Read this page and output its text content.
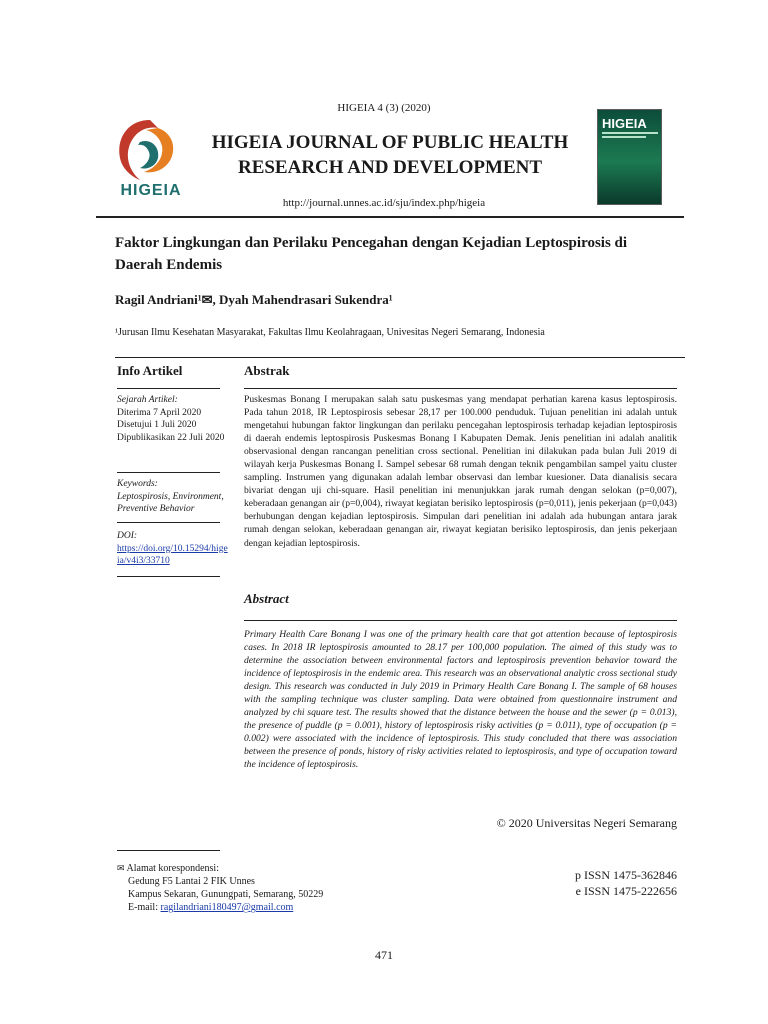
HIGEIA 4 (3) (2020)
HIGEIA
HIGEIA JOURNAL OF PUBLIC HEALTH RESEARCH AND DEVELOPMENT
HIGEIA
http://journal.unnes.ac.id/sju/index.php/higeia
Faktor Lingkungan dan Perilaku Pencegahan dengan Kejadian Leptospirosis di Daerah Endemis
Ragil Andriani¹✉, Dyah Mahendrasari Sukendra¹
¹Jurusan Ilmu Kesehatan Masyarakat, Fakultas Ilmu Keolahragaan, Univesitas Negeri Semarang, Indonesia
Info Artikel
Sejarah Artikel:
Diterima 7 April 2020
Disetujui 1 Juli 2020
Dipublikasikan 22 Juli 2020
Keywords:
Leptospirosis, Environment, Preventive Behavior
DOI:
https://doi.org/10.15294/higeia/v4i3/33710
Abstrak
Puskesmas Bonang I merupakan salah satu puskesmas yang mendapat perhatian karena kasus leptospirosis. Pada tahun 2018, IR Leptospirosis sebesar 28,17 per 100.000 penduduk. Tujuan penelitian ini adalah untuk mengetahui hubungan faktor lingkungan dan perilaku pencegahan leptospirosis terhadap kejadian leptospirosis di daerah endemis leptospirosis Puskesmas Bonang I Kabupaten Demak. Jenis penelitian ini adalah analitik observasional dengan rancangan penelitian cross sectional. Penelitian ini dilakukan pada bulan Juli 2019 di wilayah kerja Puskesmas Bonang I. Sampel sebesar 68 rumah dengan teknik pengambilan sampel yaitu cluster sampling. Instrumen yang digunakan adalah lembar observasi dan lembar kuesioner. Data dianalisis secara bivariat dengan uji chi-square. Hasil penelitian ini menunjukkan jarak rumah dengan selokan (p=0,007), keberadaan genangan air (p=0,004), riwayat kegiatan berisiko leptospirosis (p=0,011), jenis pekerjaan (p=0,043) berhubungan dengan kejadian leptospirosis. Simpulan dari penelitian ini adalah ada hubungan antara jarak rumah dengan selokan, keberadaan genangan air, riwayat kegiatan berisiko leptospirosis, dan jenis pekerjaan dengan kejadian leptospirosis.
Abstract
Primary Health Care Bonang I was one of the primary health care that got attention because of leptospirosis cases. In 2018 IR leptospirosis amounted to 28.17 per 100,000 population. The aimed of this study was to determine the association between environmental factors and leptospirosis prevention behavior toward the incidence of leptospirosis in the endemic area. This research was an observational analytic cross sectional study design. This research was conducted in July 2019 in Primary Health Care Bonang I. The sample of 68 houses with the sampling technique was cluster sampling. Data were obtained from questionnaire instrument and analyzed by chi square test. The results showed that the distance between the house and the sewer (p = 0.013), the presence of puddle (p = 0.001), history of leptospirosis risky activities (p = 0.011), type of occupation (p = 0.002) were associated with the incidence of leptospirosis. This study concluded that there was association between the presence of ponds, history of risky activities related to leptospirosis, and type of occupation toward the incidence of leptospirosis.
© 2020 Universitas Negeri Semarang
✉ Alamat korespondensi:
Gedung F5 Lantai 2 FIK Unnes
Kampus Sekaran, Gunungpati, Semarang, 50229
E-mail: ragilandriani180497@gmail.com
p ISSN 1475-362846
e ISSN 1475-222656
471
